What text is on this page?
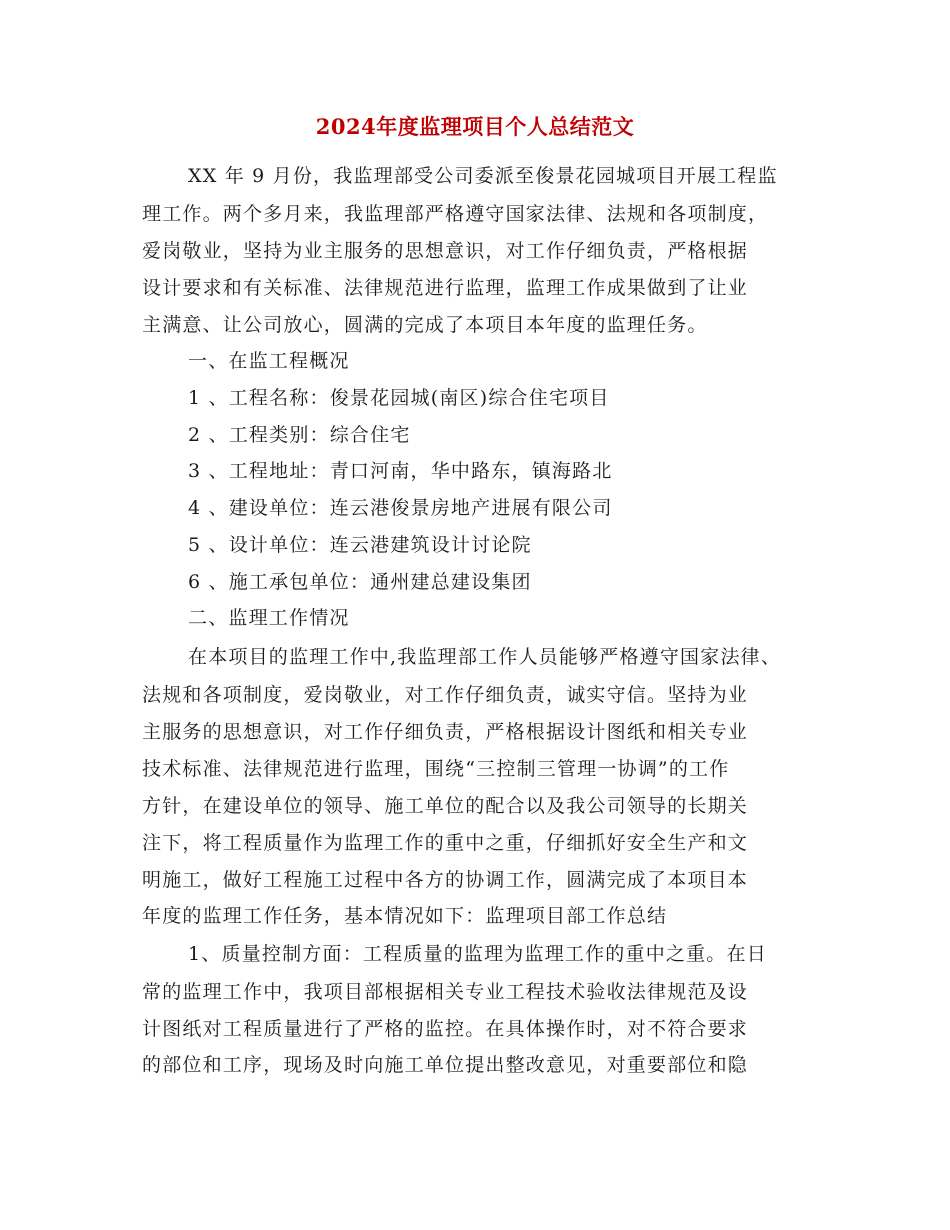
2024年度监理项目个人总结范文
XX 年 9 月份，我监理部受公司委派至俊景花园城项目开展工程监
理工作。两个多月来，我监理部严格遵守国家法律、法规和各项制度，
爱岗敬业，坚持为业主服务的思想意识，对工作仔细负责，严格根据
设计要求和有关标准、法律规范进行监理，监理工作成果做到了让业
主满意、让公司放心，圆满的完成了本项目本年度的监理任务。
一、在监工程概况
1 、工程名称：俊景花园城(南区)综合住宅项目
2 、工程类别：综合住宅
3 、工程地址：青口河南，华中路东，镇海路北
4 、建设单位：连云港俊景房地产进展有限公司
5 、设计单位：连云港建筑设计讨论院
6 、施工承包单位：通州建总建设集团
二、监理工作情况
在本项目的监理工作中,我监理部工作人员能够严格遵守国家法律、
法规和各项制度，爱岗敬业，对工作仔细负责，诚实守信。坚持为业
主服务的思想意识，对工作仔细负责，严格根据设计图纸和相关专业
技术标准、法律规范进行监理，围绕“三控制三管理一协调”的工作
方针，在建设单位的领导、施工单位的配合以及我公司领导的长期关
注下，将工程质量作为监理工作的重中之重，仔细抓好安全生产和文
明施工，做好工程施工过程中各方的协调工作，圆满完成了本项目本
年度的监理工作任务，基本情况如下：监理项目部工作总结
1、质量控制方面：工程质量的监理为监理工作的重中之重。在日
常的监理工作中，我项目部根据相关专业工程技术验收法律规范及设
计图纸对工程质量进行了严格的监控。在具体操作时，对不符合要求
的部位和工序，现场及时向施工单位提出整改意见，对重要部位和隐
